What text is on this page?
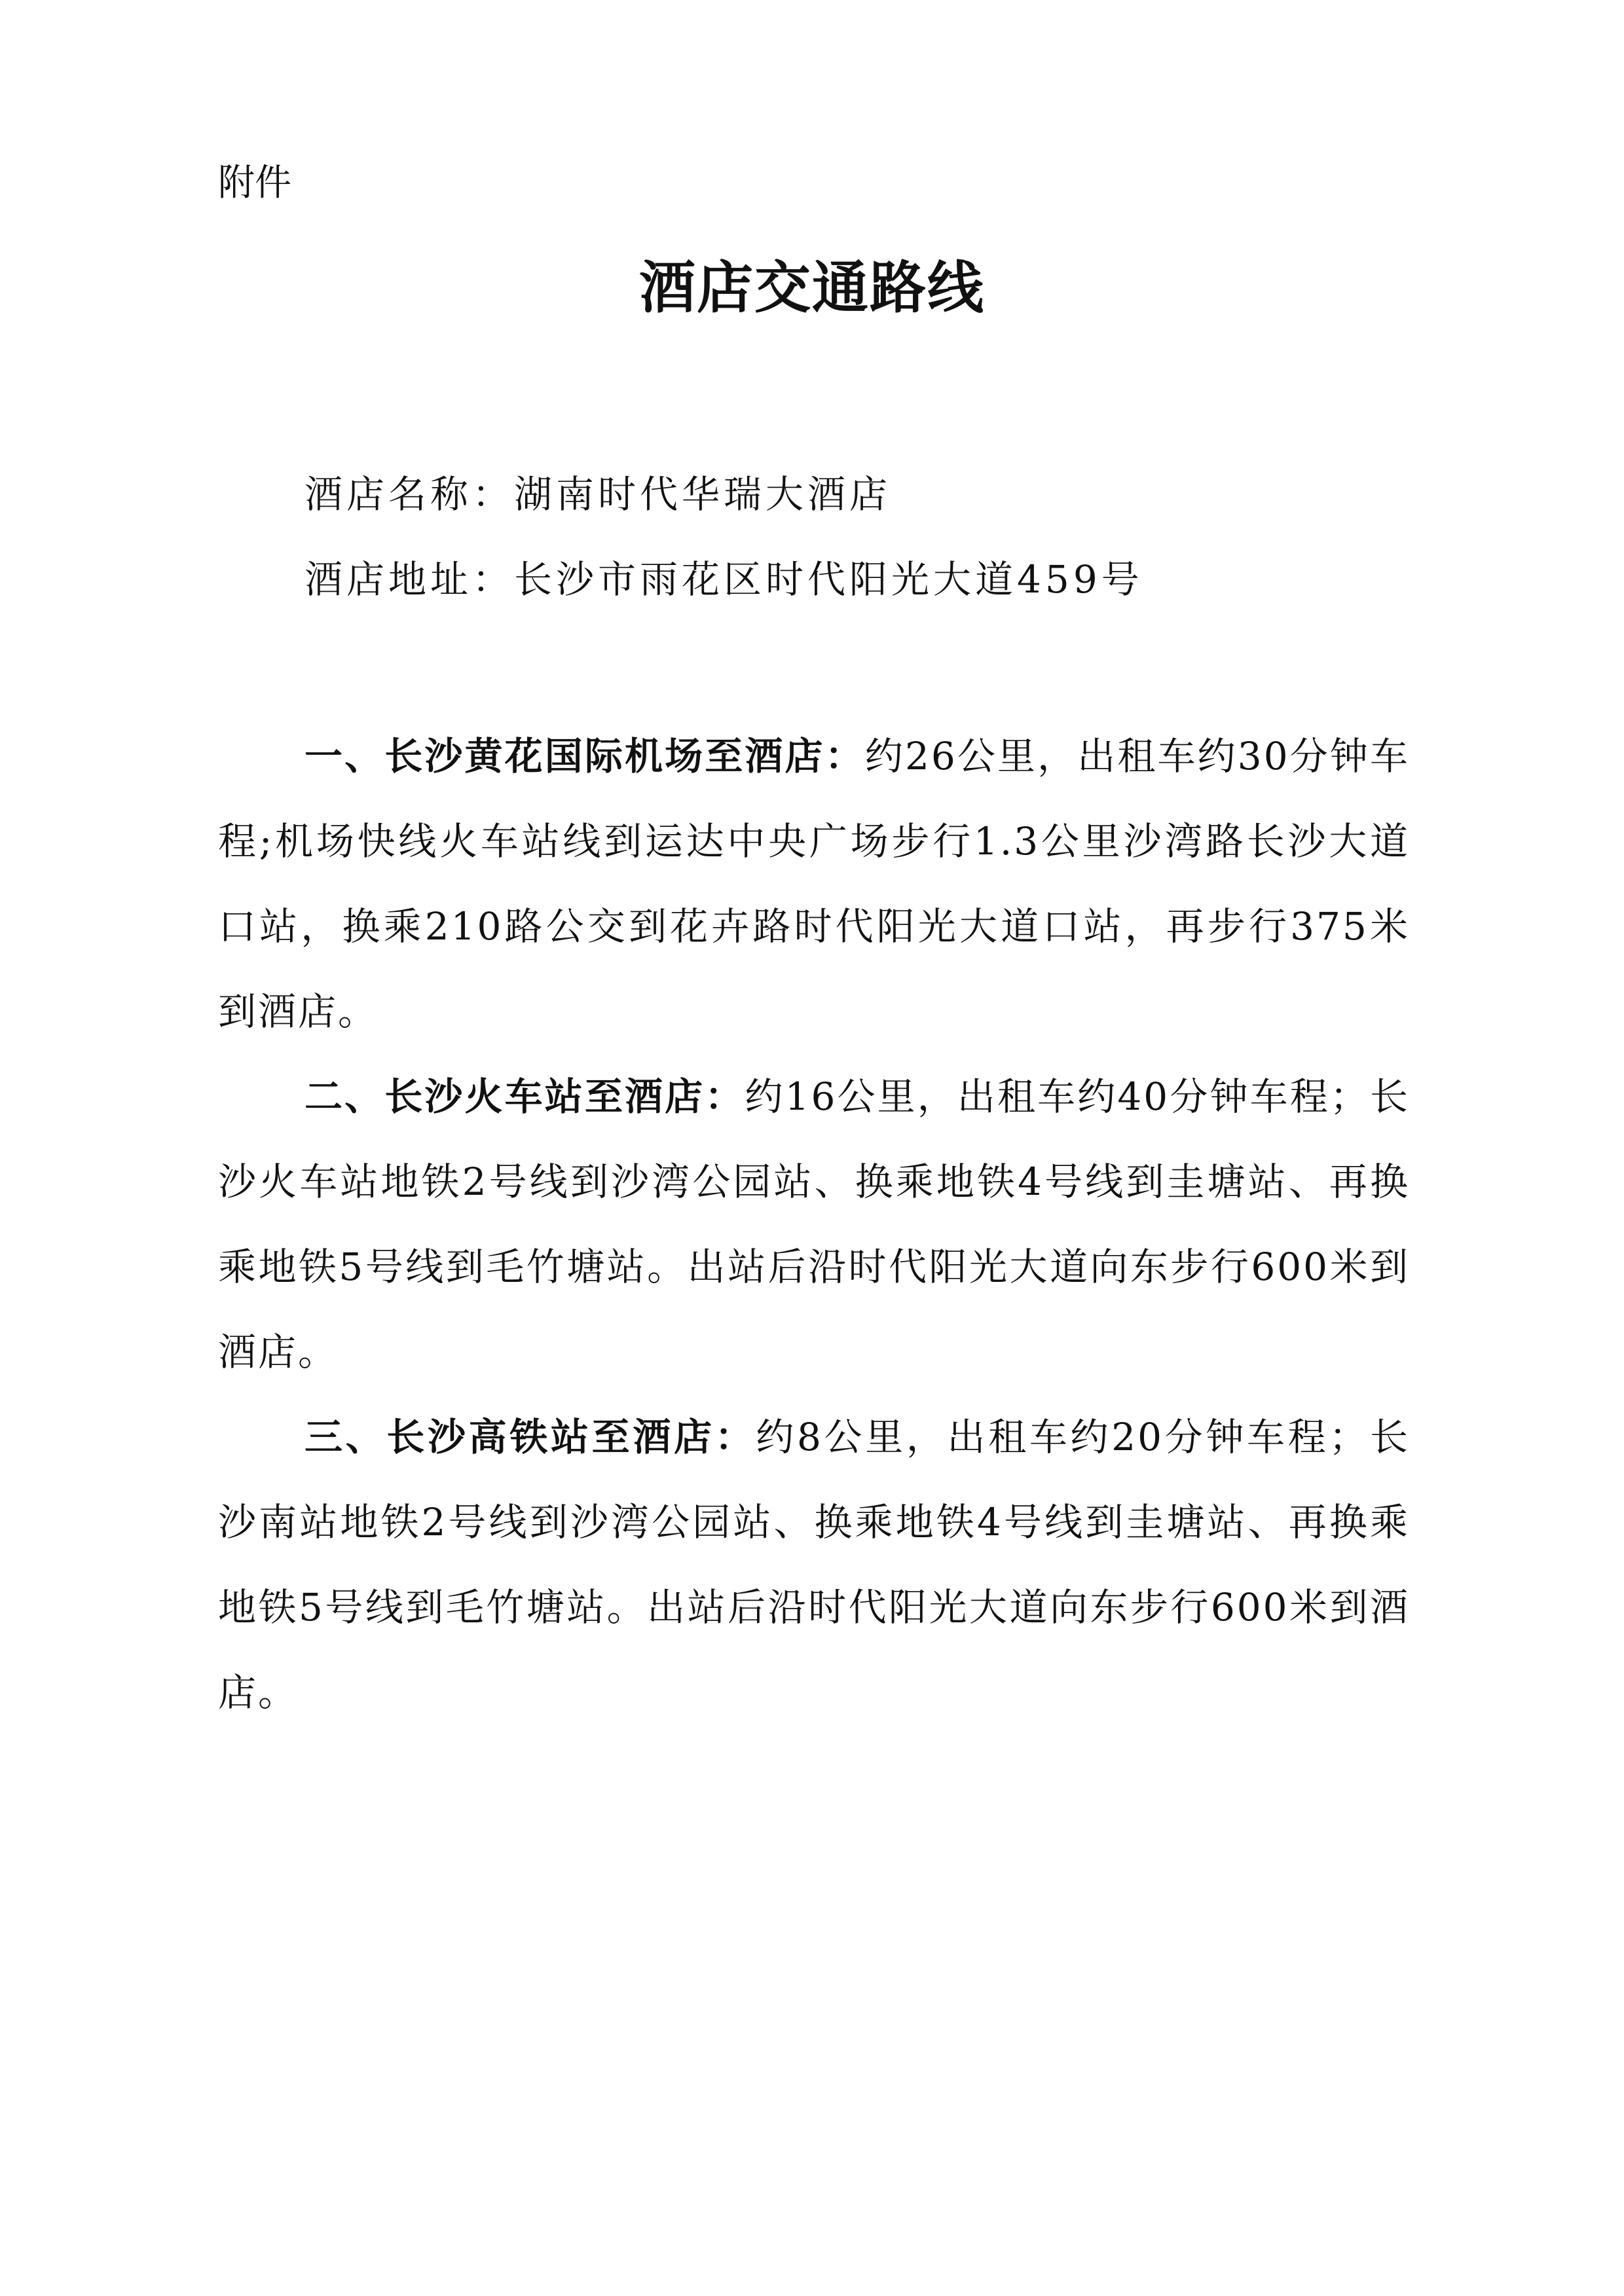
附件

酒店交通路线
酒店名称：湖南时代华瑞大酒店
酒店地址：长沙市雨花区时代阳光大道459号

一、长沙黄花国际机场至酒店：约26公里，出租车约30分钟车程;机场快线火车站线到运达中央广场步行1.3公里沙湾路长沙大道口站，换乘210路公交到花卉路时代阳光大道口站，再步行375米到酒店。

二、长沙火车站至酒店：约16公里，出租车约40分钟车程；长沙火车站地铁2号线到沙湾公园站、换乘地铁4号线到圭塘站、再换乘地铁5号线到毛竹塘站。出站后沿时代阳光大道向东步行600米到酒店。

三、长沙高铁站至酒店：约8公里，出租车约20分钟车程；长沙南站地铁2号线到沙湾公园站、换乘地铁4号线到圭塘站、再换乘地铁5号线到毛竹塘站。出站后沿时代阳光大道向东步行600米到酒店。
